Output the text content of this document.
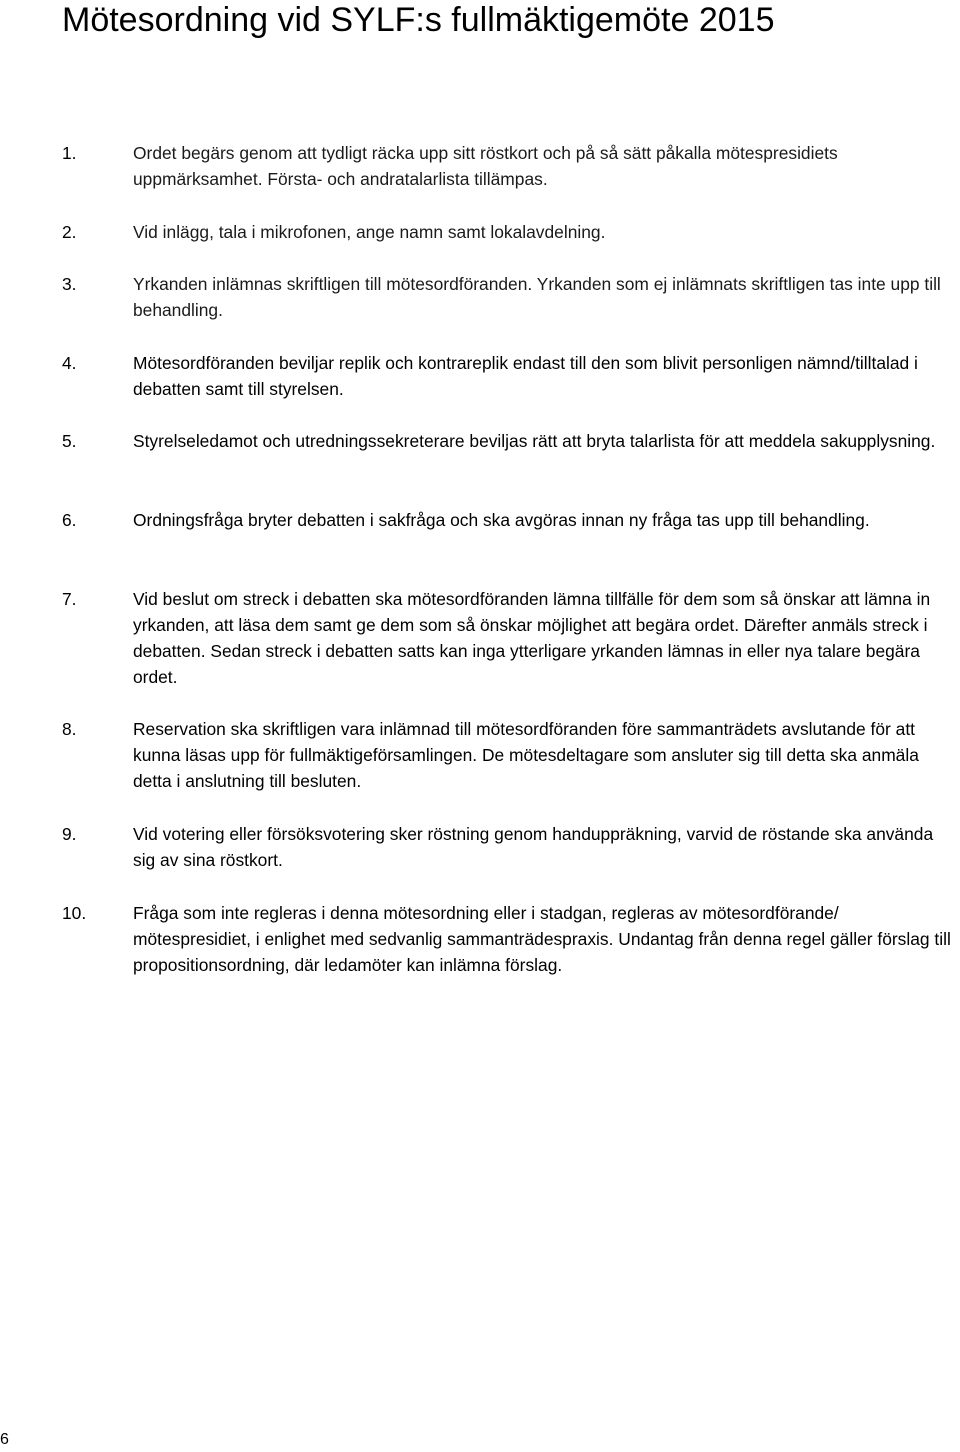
Mötesordning vid SYLF:s fullmäktigemöte 2015
1.	Ordet begärs genom att tydligt räcka upp sitt röstkort och på så sätt påkalla mötespresidiets uppmärksamhet. Första- och andratalarlista tillämpas.
2.	Vid inlägg, tala i mikrofonen, ange namn samt lokalavdelning.
3.	Yrkanden inlämnas skriftligen till mötesordföranden. Yrkanden som ej inlämnats skriftligen tas inte upp till behandling.
4.	Mötesordföranden beviljar replik och kontrareplik endast till den som blivit personligen nämnd/tilltalad i debatten samt till styrelsen.
5.	Styrelseledamot och utredningssekreterare beviljas rätt att bryta talarlista för att meddela sakupplysning.
6.	Ordningsfråga bryter debatten i sakfråga och ska avgöras innan ny fråga tas upp till behandling.
7.	Vid beslut om streck i debatten ska mötesordföranden lämna tillfälle för dem som så önskar att lämna in yrkanden, att läsa dem samt ge dem som så önskar möjlighet att begära ordet. Därefter anmäls streck i debatten. Sedan streck i debatten satts kan inga ytterligare yrkanden lämnas in eller nya talare begära ordet.
8.	Reservation ska skriftligen vara inlämnad till mötesordföranden före sammanträdets avslutande för att kunna läsas upp för fullmäktigeförsamlingen. De mötesdeltagare som ansluter sig till detta ska anmäla detta i anslutning till besluten.
9.	Vid votering eller försöksvotering sker röstning genom handuppräkning, varvid de röstande ska använda sig av sina röstkort.
10.	Fråga som inte regleras i denna mötesordning eller i stadgan, regleras av mötesordförande/ mötespresidiet, i enlighet med sedvanlig sammanträdespraxis. Undantag från denna regel gäller förslag till propositionsordning, där ledamöter kan inlämna förslag.
6
